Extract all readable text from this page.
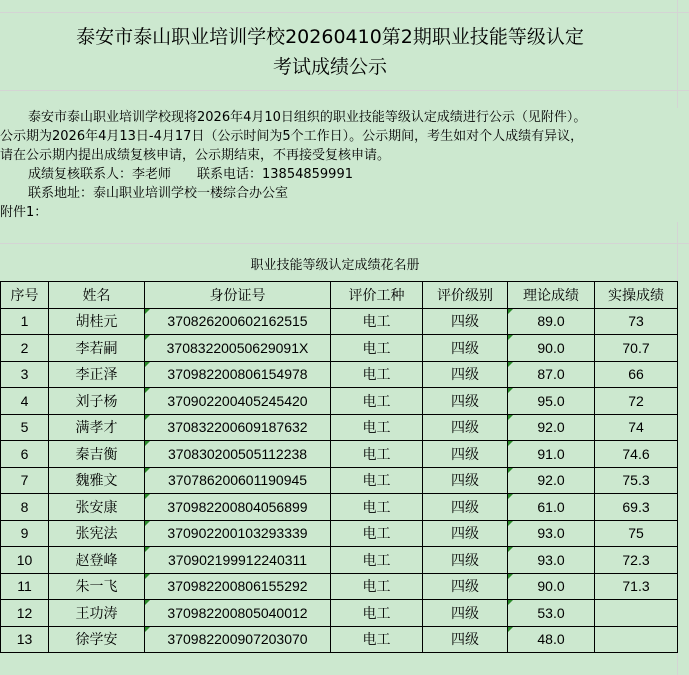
泰安市泰山职业培训学校20260410第2期职业技能等级认定
考试成绩公示
泰安市泰山职业培训学校现将2026年4月10日组织的职业技能等级认定成绩进行公示（见附件）。
公示期为2026年4月13日-4月17日（公示时间为5个工作日）。公示期间，考生如对个人成绩有异议，
请在公示期内提出成绩复核申请，公示期结束，不再接受复核申请。
成绩复核联系人：李老师　　联系电话：13854859991
联系地址：泰山职业培训学校一楼综合办公室
附件1：
职业技能等级认定成绩花名册
序号	姓名	身份证号	评价工种	评价级别	理论成绩	实操成绩
1	胡桂元	370826200602162515	电工	四级	89.0	73
2	李若嗣	37083220050629091X	电工	四级	90.0	70.7
3	李正泽	370982200806154978	电工	四级	87.0	66
4	刘子杨	370902200405245420	电工	四级	95.0	72
5	满孝才	370832200609187632	电工	四级	92.0	74
6	秦吉衡	370830200505112238	电工	四级	91.0	74.6
7	魏雅文	370786200601190945	电工	四级	92.0	75.3
8	张安康	370982200804056899	电工	四级	61.0	69.3
9	张宪法	370902200103293339	电工	四级	93.0	75
10	赵登峰	370902199912240311	电工	四级	93.0	72.3
11	朱一飞	370982200806155292	电工	四级	90.0	71.3
12	王功涛	370982200805040012	电工	四级	53.0	
13	徐学安	370982200907203070	电工	四级	48.0	
